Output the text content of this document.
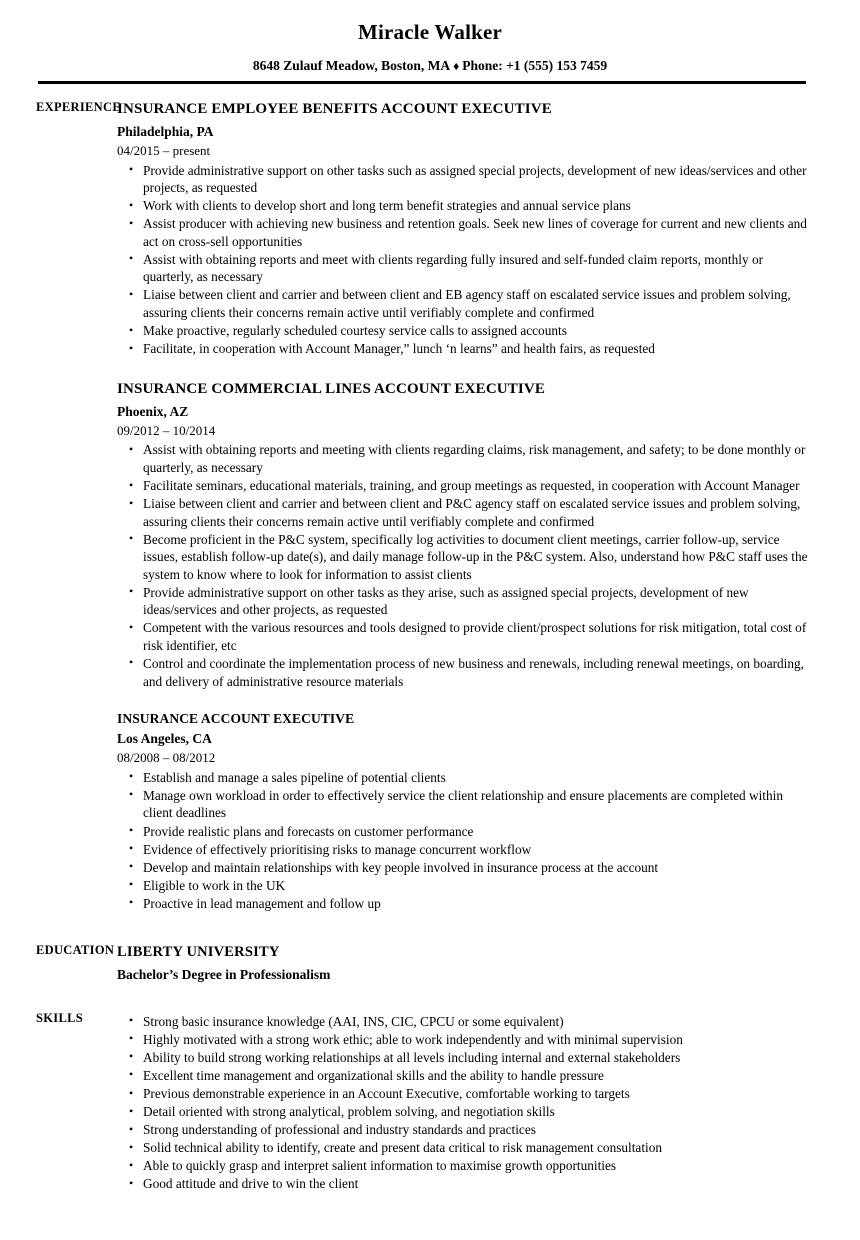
Miracle Walker
8648 Zulauf Meadow, Boston, MA ♦ Phone: +1 (555) 153 7459
EXPERIENCE
INSURANCE EMPLOYEE BENEFITS ACCOUNT EXECUTIVE
Philadelphia, PA
04/2015 – present
• Provide administrative support on other tasks such as assigned special projects, development of new ideas/services and other projects, as requested
• Work with clients to develop short and long term benefit strategies and annual service plans
• Assist producer with achieving new business and retention goals. Seek new lines of coverage for current and new clients and act on cross-sell opportunities
• Assist with obtaining reports and meet with clients regarding fully insured and self-funded claim reports, monthly or quarterly, as necessary
• Liaise between client and carrier and between client and EB agency staff on escalated service issues and problem solving, assuring clients their concerns remain active until verifiably complete and confirmed
• Make proactive, regularly scheduled courtesy service calls to assigned accounts
• Facilitate, in cooperation with Account Manager,” lunch ‘n learns” and health fairs, as requested
INSURANCE COMMERCIAL LINES ACCOUNT EXECUTIVE
Phoenix, AZ
09/2012 – 10/2014
• Assist with obtaining reports and meeting with clients regarding claims, risk management, and safety; to be done monthly or quarterly, as necessary
• Facilitate seminars, educational materials, training, and group meetings as requested, in cooperation with Account Manager
• Liaise between client and carrier and between client and P&C agency staff on escalated service issues and problem solving, assuring clients their concerns remain active until verifiably complete and confirmed
• Become proficient in the P&C system, specifically log activities to document client meetings, carrier follow-up, service issues, establish follow-up date(s), and daily manage follow-up in the P&C system. Also, understand how P&C staff uses the system to know where to look for information to assist clients
• Provide administrative support on other tasks as they arise, such as assigned special projects, development of new ideas/services and other projects, as requested
• Competent with the various resources and tools designed to provide client/prospect solutions for risk mitigation, total cost of risk identifier, etc
• Control and coordinate the implementation process of new business and renewals, including renewal meetings, on boarding, and delivery of administrative resource materials
INSURANCE ACCOUNT EXECUTIVE
Los Angeles, CA
08/2008 – 08/2012
• Establish and manage a sales pipeline of potential clients
• Manage own workload in order to effectively service the client relationship and ensure placements are completed within client deadlines
• Provide realistic plans and forecasts on customer performance
• Evidence of effectively prioritising risks to manage concurrent workflow
• Develop and maintain relationships with key people involved in insurance process at the account
• Eligible to work in the UK
• Proactive in lead management and follow up
EDUCATION LIBERTY UNIVERSITY
Bachelor’s Degree in Professionalism
SKILLS	• Strong basic insurance knowledge (AAI, INS, CIC, CPCU or some equivalent)
• Highly motivated with a strong work ethic; able to work independently and with minimal supervision
• Ability to build strong working relationships at all levels including internal and external stakeholders
• Excellent time management and organizational skills and the ability to handle pressure
• Previous demonstrable experience in an Account Executive, comfortable working to targets
• Detail oriented with strong analytical, problem solving, and negotiation skills
• Strong understanding of professional and industry standards and practices
• Solid technical ability to identify, create and present data critical to risk management consultation
• Able to quickly grasp and interpret salient information to maximise growth opportunities
• Good attitude and drive to win the client
